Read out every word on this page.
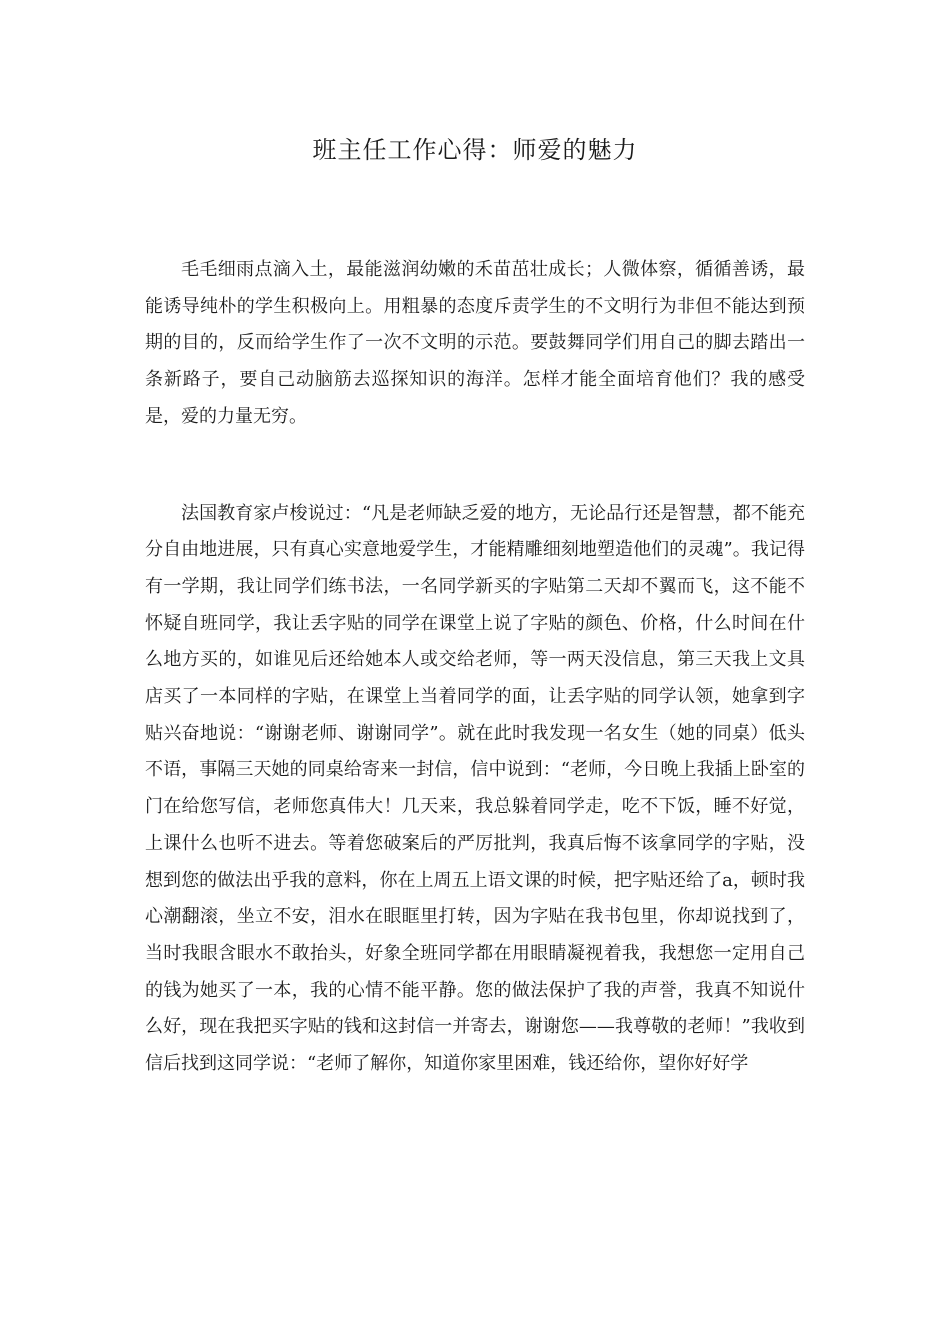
班主任工作心得：师爱的魅力

毛毛细雨点滴入土，最能滋润幼嫩的禾苗茁壮成长；人微体察，循循善诱，最能诱导纯朴的学生积极向上。用粗暴的态度斥责学生的不文明行为非但不能达到预期的目的，反而给学生作了一次不文明的示范。要鼓舞同学们用自己的脚去踏出一条新路子，要自己动脑筋去巡探知识的海洋。怎样才能全面培育他们？我的感受是，爱的力量无穷。

法国教育家卢梭说过：“凡是老师缺乏爱的地方，无论品行还是智慧，都不能充分自由地进展，只有真心实意地爱学生，才能精雕细刻地塑造他们的灵魂”。我记得有一学期，我让同学们练书法，一名同学新买的字贴第二天却不翼而飞，这不能不怀疑自班同学，我让丢字贴的同学在课堂上说了字贴的颜色、价格，什么时间在什么地方买的，如谁见后还给她本人或交给老师，等一两天没信息，第三天我上文具店买了一本同样的字贴，在课堂上当着同学的面，让丢字贴的同学认领，她拿到字贴兴奋地说：“谢谢老师、谢谢同学”。就在此时我发现一名女生（她的同桌）低头不语，事隔三天她的同桌给寄来一封信，信中说到：“老师，今日晚上我插上卧室的门在给您写信，老师您真伟大！几天来，我总躲着同学走，吃不下饭，睡不好觉，上课什么也听不进去。等着您破案后的严厉批判，我真后悔不该拿同学的字贴，没想到您的做法出乎我的意料，你在上周五上语文课的时候，把字贴还给了a，顿时我心潮翻滚，坐立不安，泪水在眼眶里打转，因为字贴在我书包里，你却说找到了，当时我眼含眼水不敢抬头，好象全班同学都在用眼睛凝视着我，我想您一定用自己的钱为她买了一本，我的心情不能平静。您的做法保护了我的声誉，我真不知说什么好，现在我把买字贴的钱和这封信一并寄去，谢谢您——我尊敬的老师！”我收到信后找到这同学说：“老师了解你，知道你家里困难，钱还给你，望你好好学
